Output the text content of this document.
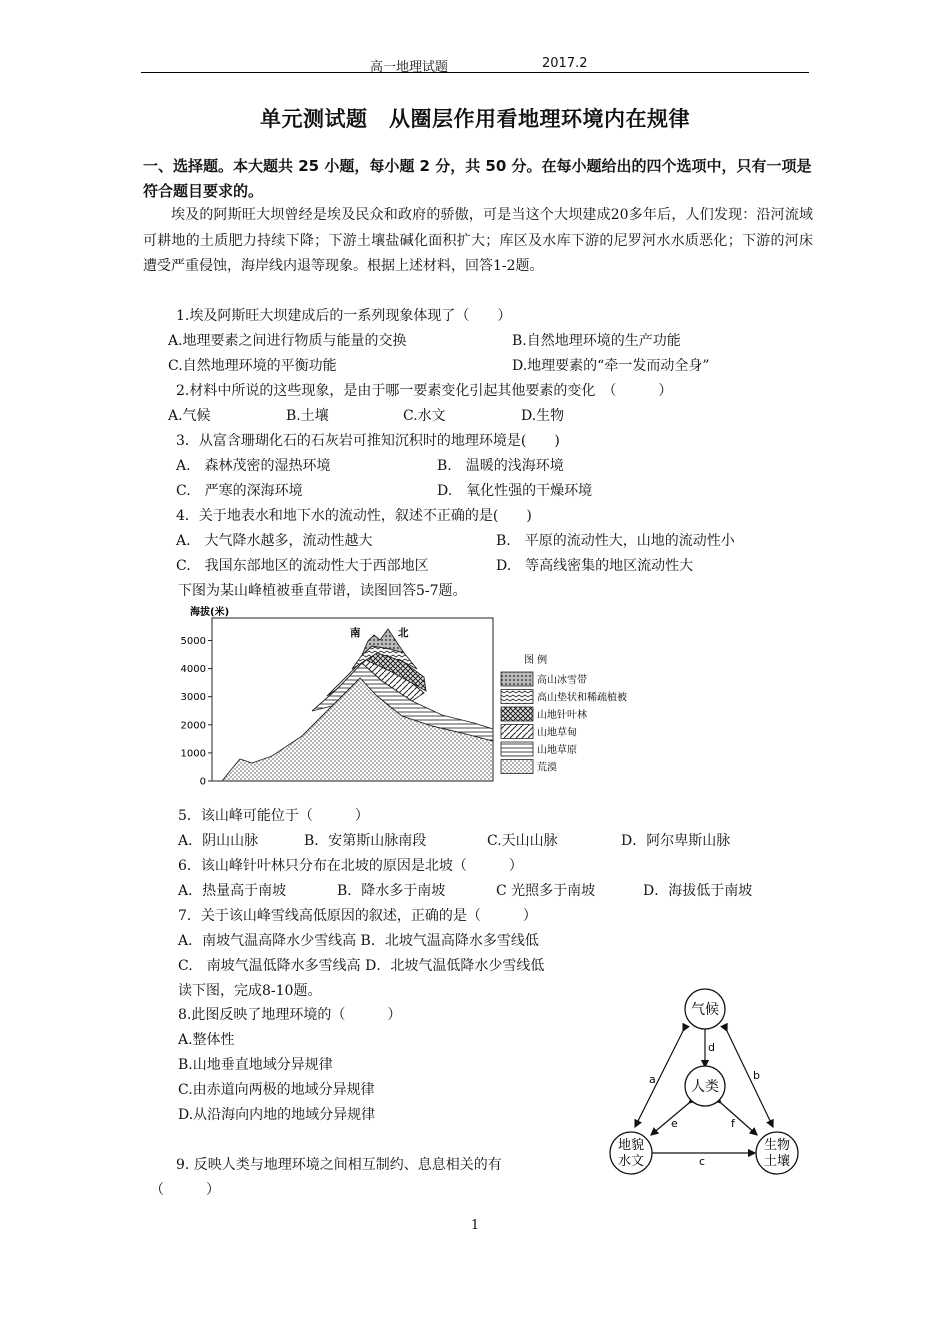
高一地理试题	2017.2
单元测试题　从圈层作用看地理环境内在规律
一、选择题。本大题共 25 小题，每小题 2 分，共 50 分。在每小题给出的四个选项中，只有一项是符合题目要求的。
埃及的阿斯旺大坝曾经是埃及民众和政府的骄傲，可是当这个大坝建成20多年后，人们发现：沿河流域可耕地的土质肥力持续下降；下游土壤盐碱化面积扩大；库区及水库下游的尼罗河水水质恶化；下游的河床遭受严重侵蚀，海岸线内退等现象。根据上述材料，回答1-2题。
1.埃及阿斯旺大坝建成后的一系列现象体现了（　　）
A.地理要素之间进行物质与能量的交换	B.自然地理环境的生产功能
C.自然地理环境的平衡功能	D.地理要素的“牵一发而动全身”
2.材料中所说的这些现象，是由于哪一要素变化引起其他要素的变化　（　　　）
A.气候	B.土壤	C.水文	D.生物
3．从富含珊瑚化石的石灰岩可推知沉积时的地理环境是(　　)
A.　森林茂密的湿热环境	B.　温暖的浅海环境
C.　严寒的深海环境	D.　氧化性强的干燥环境
4．关于地表水和地下水的流动性，叙述不正确的是(　　)
A.　大气降水越多，流动性越大	B.　平原的流动性大，山地的流动性小
C.　我国东部地区的流动性大于西部地区	D.　等高线密集的地区流动性大
下图为某山峰植被垂直带谱，读图回答5-7题。
海拔(米)
0
1000
2000
3000
4000
5000
南	北
图 例
高山冰雪带
高山垫状和稀疏植被
山地针叶林
山地草甸
山地草原
荒漠
5．该山峰可能位于（　　　）
A．阴山山脉	B．安第斯山脉南段	C.天山山脉	D．阿尔卑斯山脉
6．该山峰针叶林只分布在北坡的原因是北坡（　　　）
A．热量高于南坡	B．降水多于南坡	C 光照多于南坡	D．海拔低于南坡
7．关于该山峰雪线高低原因的叙述，正确的是（　　　）
A．南坡气温高降水少雪线高 B．北坡气温高降水多雪线低
C.　南坡气温低降水多雪线高 D．北坡气温低降水少雪线低
读下图，完成8-10题。
8.此图反映了地理环境的（　　　）
A.整体性
B.山地垂直地域分异规律
C.由赤道向两极的地域分异规律
D.从沿海向内地的地域分异规律
9. 反映人类与地理环境之间相互制约、息息相关的有
（　　　）
a	b
c
d
e	f
气候
人类
地貌
水文
生物
土壤
1
